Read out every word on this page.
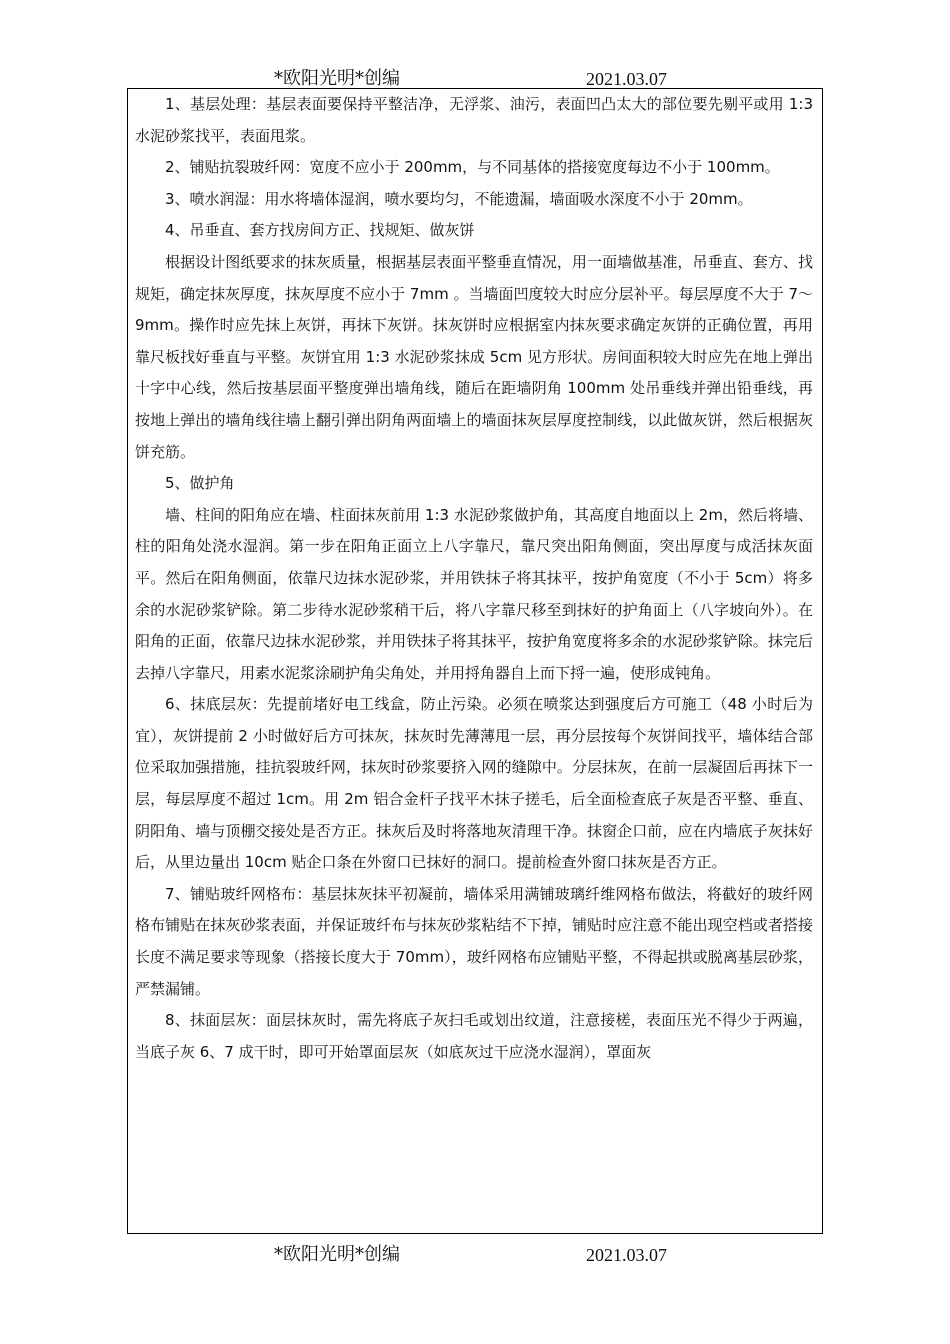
*欧阳光明*创编	2021.03.07

1、基层处理：基层表面要保持平整洁净，无浮浆、油污，表面凹凸太大的部位要先剔平或用 1:3 水泥砂浆找平，表面甩浆。

2、铺贴抗裂玻纤网：宽度不应小于 200mm，与不同基体的搭接宽度每边不小于 100mm。

3、喷水润湿：用水将墙体湿润，喷水要均匀，不能遗漏，墙面吸水深度不小于 20mm。

4、吊垂直、套方找房间方正、找规矩、做灰饼

根据设计图纸要求的抹灰质量，根据基层表面平整垂直情况，用一面墙做基准，吊垂直、套方、找规矩，确定抹灰厚度，抹灰厚度不应小于 7mm 。当墙面凹度较大时应分层补平。每层厚度不大于 7～9mm。操作时应先抹上灰饼，再抹下灰饼。抹灰饼时应根据室内抹灰要求确定灰饼的正确位置，再用靠尺板找好垂直与平整。灰饼宜用 1:3 水泥砂浆抹成 5cm 见方形状。房间面积较大时应先在地上弹出十字中心线，然后按基层面平整度弹出墙角线，随后在距墙阴角 100mm 处吊垂线并弹出铅垂线，再按地上弹出的墙角线往墙上翻引弹出阴角两面墙上的墙面抹灰层厚度控制线，以此做灰饼，然后根据灰饼充筋。

5、做护角

墙、柱间的阳角应在墙、柱面抹灰前用 1:3 水泥砂浆做护角，其高度自地面以上 2m，然后将墙、柱的阳角处浇水湿润。第一步在阳角正面立上八字靠尺，靠尺突出阳角侧面，突出厚度与成活抹灰面平。然后在阳角侧面，依靠尺边抹水泥砂浆，并用铁抹子将其抹平，按护角宽度（不小于 5cm）将多余的水泥砂浆铲除。第二步待水泥砂浆稍干后，将八字靠尺移至到抹好的护角面上（八字坡向外）。在阳角的正面，依靠尺边抹水泥砂浆，并用铁抹子将其抹平，按护角宽度将多余的水泥砂浆铲除。抹完后去掉八字靠尺，用素水泥浆涂刷护角尖角处，并用捋角器自上而下捋一遍，使形成钝角。

6、抹底层灰：先提前堵好电工线盒，防止污染。必须在喷浆达到强度后方可施工（48 小时后为宜），灰饼提前 2 小时做好后方可抹灰，抹灰时先薄薄甩一层，再分层按每个灰饼间找平，墙体结合部位采取加强措施，挂抗裂玻纤网，抹灰时砂浆要挤入网的缝隙中。分层抹灰，在前一层凝固后再抹下一层，每层厚度不超过 1cm。用 2m 铝合金杆子找平木抹子搓毛，后全面检查底子灰是否平整、垂直、阴阳角、墙与顶棚交接处是否方正。抹灰后及时将落地灰清理干净。抹窗企口前，应在内墙底子灰抹好后，从里边量出 10cm 贴企口条在外窗口已抹好的洞口。提前检查外窗口抹灰是否方正。

7、铺贴玻纤网格布：基层抹灰抹平初凝前，墙体采用满铺玻璃纤维网格布做法，将截好的玻纤网格布铺贴在抹灰砂浆表面，并保证玻纤布与抹灰砂浆粘结不下掉，铺贴时应注意不能出现空档或者搭接长度不满足要求等现象（搭接长度大于 70mm），玻纤网格布应铺贴平整，不得起拱或脱离基层砂浆，严禁漏铺。

8、抹面层灰：面层抹灰时，需先将底子灰扫毛或划出纹道，注意接槎，表面压光不得少于两遍，当底子灰 6、7 成干时，即可开始罩面层灰（如底灰过干应浇水湿润），罩面灰

*欧阳光明*创编	2021.03.07
